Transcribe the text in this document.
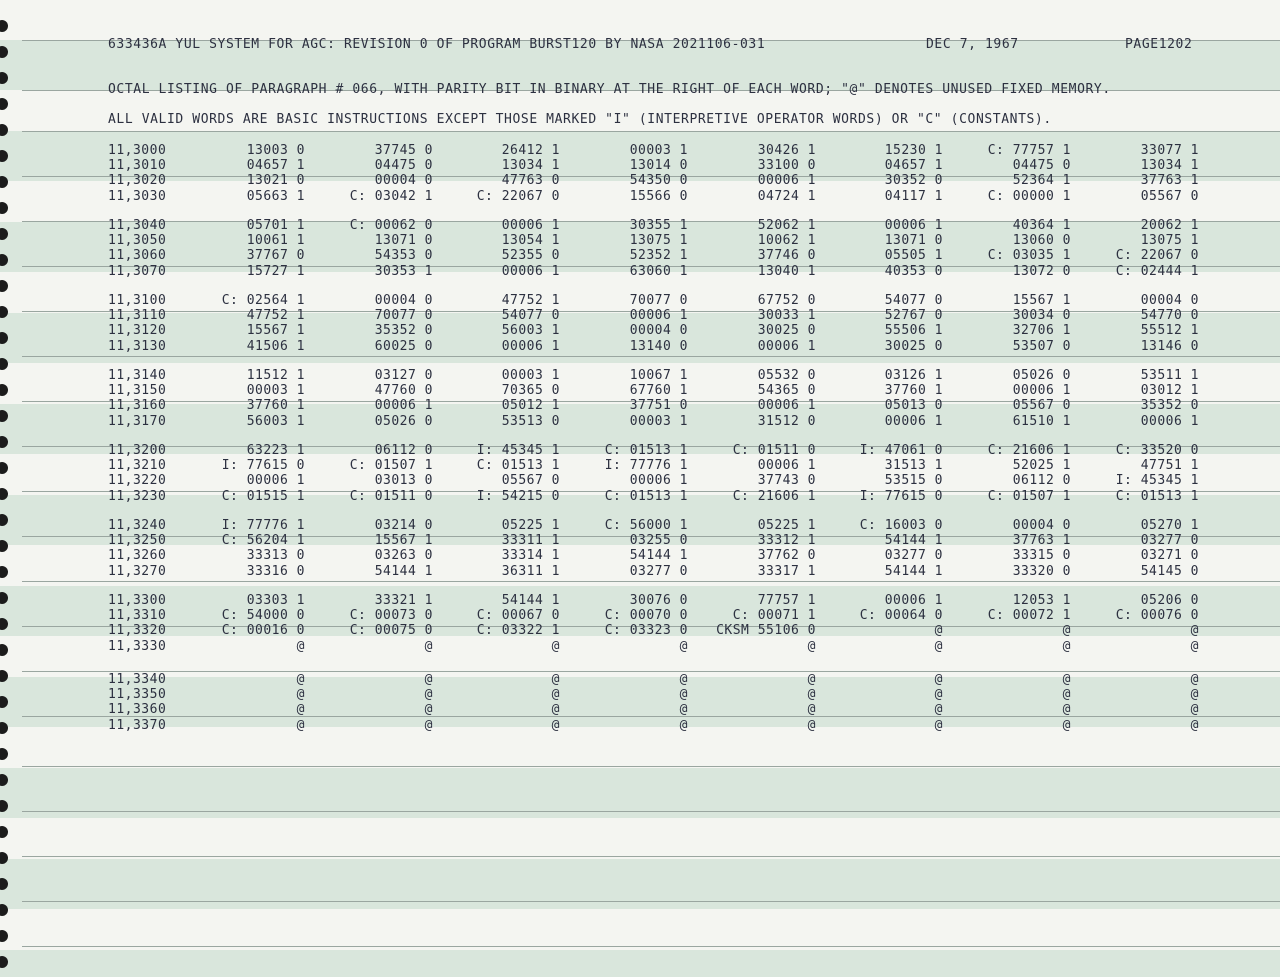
633436A YUL SYSTEM FOR AGC: REVISION 0 OF PROGRAM BURST120 BY NASA 2021106-031	DEC 7, 1967	PAGE1202
OCTAL LISTING OF PARAGRAPH # 066, WITH PARITY BIT IN BINARY AT THE RIGHT OF EACH WORD; "@" DENOTES UNUSED FIXED MEMORY.
ALL VALID WORDS ARE BASIC INSTRUCTIONS EXCEPT THOSE MARKED "I" (INTERPRETIVE OPERATOR WORDS) OR "C" (CONSTANTS).
11,3000	13003 0	37745 0	26412 1	00003 1	30426 1	15230 1	C: 77757 1	33077 1
11,3010	04657 1	04475 0	13034 1	13014 0	33100 0	04657 1	04475 0	13034 1
11,3020	13021 0	00004 0	47763 0	54350 0	00006 1	30352 0	52364 1	37763 1
11,3030	05663 1	C: 03042 1	C: 22067 0	15566 0	04724 1	04117 1	C: 00000 1	05567 0
11,3040	05701 1	C: 00062 0	00006 1	30355 1	52062 1	00006 1	40364 1	20062 1
11,3050	10061 1	13071 0	13054 1	13075 1	10062 1	13071 0	13060 0	13075 1
11,3060	37767 0	54353 0	52355 0	52352 1	37746 0	05505 1	C: 03035 1	C: 22067 0
11,3070	15727 1	30353 1	00006 1	63060 1	13040 1	40353 0	13072 0	C: 02444 1
11,3100	C: 02564 1	00004 0	47752 1	70077 0	67752 0	54077 0	15567 1	00004 0
11,3110	47752 1	70077 0	54077 0	00006 1	30033 1	52767 0	30034 0	54770 0
11,3120	15567 1	35352 0	56003 1	00004 0	30025 0	55506 1	32706 1	55512 1
11,3130	41506 1	60025 0	00006 1	13140 0	00006 1	30025 0	53507 0	13146 0
11,3140	11512 1	03127 0	00003 1	10067 1	05532 0	03126 1	05026 0	53511 1
11,3150	00003 1	47760 0	70365 0	67760 1	54365 0	37760 1	00006 1	03012 1
11,3160	37760 1	00006 1	05012 1	37751 0	00006 1	05013 0	05567 0	35352 0
11,3170	56003 1	05026 0	53513 0	00003 1	31512 0	00006 1	61510 1	00006 1
11,3200	63223 1	06112 0	I: 45345 1	C: 01513 1	C: 01511 0	I: 47061 0	C: 21606 1	C: 33520 0
11,3210	I: 77615 0	C: 01507 1	C: 01513 1	I: 77776 1	00006 1	31513 1	52025 1	47751 1
11,3220	00006 1	03013 0	05567 0	00006 1	37743 0	53515 0	06112 0	I: 45345 1
11,3230	C: 01515 1	C: 01511 0	I: 54215 0	C: 01513 1	C: 21606 1	I: 77615 0	C: 01507 1	C: 01513 1
11,3240	I: 77776 1	03214 0	05225 1	C: 56000 1	05225 1	C: 16003 0	00004 0	05270 1
11,3250	C: 56204 1	15567 1	33311 1	03255 0	33312 1	54144 1	37763 1	03277 0
11,3260	33313 0	03263 0	33314 1	54144 1	37762 0	03277 0	33315 0	03271 0
11,3270	33316 0	54144 1	36311 1	03277 0	33317 1	54144 1	33320 0	54145 0
11,3300	03303 1	33321 1	54144 1	30076 0	77757 1	00006 1	12053 1	05206 0
11,3310	C: 54000 0	C: 00073 0	C: 00067 0	C: 00070 0	C: 00071 1	C: 00064 0	C: 00072 1	C: 00076 0
11,3320	C: 00016 0	C: 00075 0	C: 03322 1	C: 03323 0 CKSM 55106 0	@	@	@
11,3330	@	@	@	@	@	@	@	@
11,3340	@	@	@	@	@	@	@	@
11,3350	@	@	@	@	@	@	@	@
11,3360	@	@	@	@	@	@	@	@
11,3370	@	@	@	@	@	@	@	@
